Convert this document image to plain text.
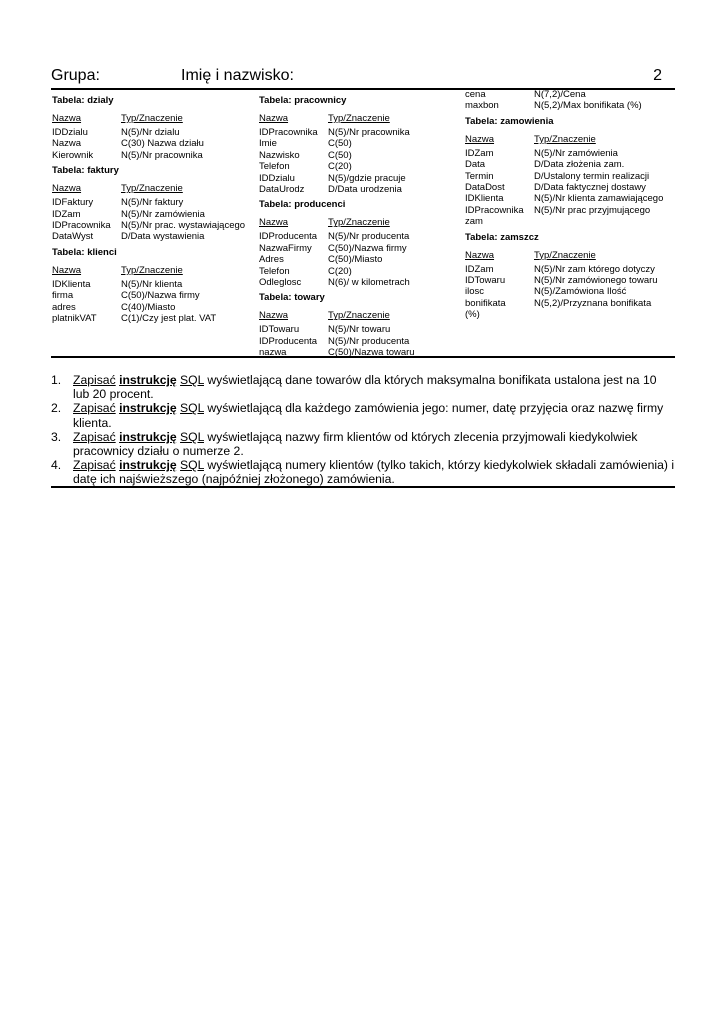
Grupa:	Imię i nazwisko:	2
Tabela: dzialy
Nazwa	Typ/Znaczenie
IDDzialu	N(5)/Nr dzialu
Nazwa	C(30) Nazwa działu
Kierownik	N(5)/Nr pracownika
Tabela: faktury
Nazwa	Typ/Znaczenie
IDFaktury	N(5)/Nr faktury
IDZam	N(5)/Nr zamówienia
IDPracownika	N(5)/Nr prac. wystawiającego
DataWyst	D/Data wystawienia
Tabela: klienci
Nazwa	Typ/Znaczenie
IDKlienta	N(5)/Nr klienta
firma	C(50)/Nazwa firmy
adres	C(40)/Miasto
platnikVAT	C(1)/Czy jest plat. VAT
Tabela: pracownicy
Nazwa	Typ/Znaczenie
IDPracownika	N(5)/Nr pracownika
Imie	C(50)
Nazwisko	C(50)
Telefon	C(20)
IDDzialu	N(5)/gdzie pracuje
DataUrodz	D/Data urodzenia
Tabela: producenci
Nazwa	Typ/Znaczenie
IDProducenta	N(5)/Nr producenta
NazwaFirmy	C(50)/Nazwa firmy
Adres	C(50)/Miasto
Telefon	C(20)
Odleglosc	N(6)/ w kilometrach
Tabela: towary
Nazwa	Typ/Znaczenie
IDTowaru	N(5)/Nr towaru
IDProducenta	N(5)/Nr producenta
nazwa	C(50)/Nazwa towaru
cena	N(7,2)/Cena
maxbon	N(5,2)/Max bonifikata (%)
Tabela: zamowienia
Nazwa	Typ/Znaczenie
IDZam	N(5)/Nr zamówienia
Data	D/Data złożenia zam.
Termin	D/Ustalony termin realizacji
DataDost	D/Data faktycznej dostawy
IDKlienta	N(5)/Nr klienta zamawiającego
IDPracownika	N(5)/Nr prac przyjmującego
zam
Tabela: zamszcz
Nazwa	Typ/Znaczenie
IDZam	N(5)/Nr zam którego dotyczy
IDTowaru	N(5)/Nr zamówionego towaru
ilosc	N(5)/Zamówiona Ilość
bonifikata	N(5,2)/Przyznana bonifikata
(%)
1. Zapisać instrukcję SQL wyświetlającą dane towarów dla których maksymalna bonifikata ustalona jest na 10 lub 20 procent.
2. Zapisać instrukcję SQL wyświetlającą dla każdego zamówienia jego: numer, datę przyjęcia oraz nazwę firmy klienta.
3. Zapisać instrukcję SQL wyświetlającą nazwy firm klientów od których zlecenia przyjmowali kiedykolwiek pracownicy działu o numerze 2.
4. Zapisać instrukcję SQL wyświetlającą numery klientów (tylko takich, którzy kiedykolwiek składali zamówienia) i datę ich najświeższego (najpóźniej złożonego) zamówienia.
